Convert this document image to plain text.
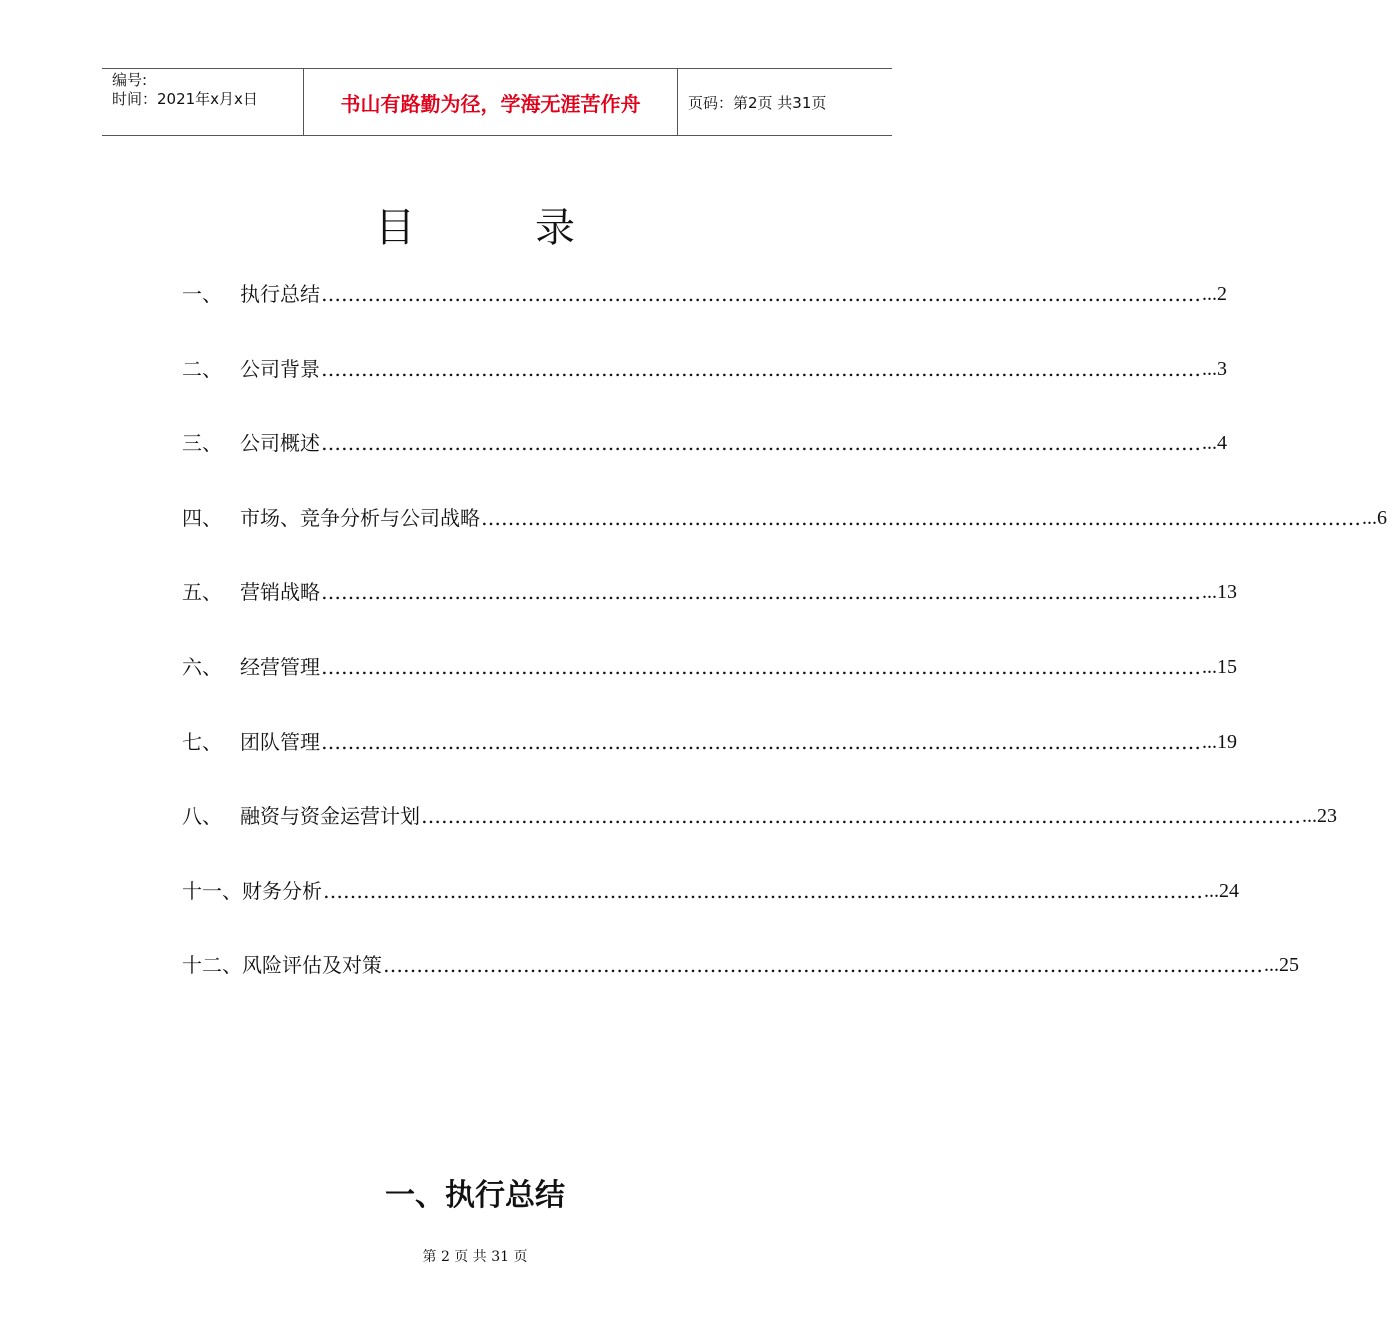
编号:
时间：2021年x月x日	书山有路勤为径，学海无涯苦作舟	页码：第2页 共31页
目录
一、 执行总结 …………………………………………………………………………………………………………………… ...2
二、 公司背景 …………………………………………………………………………………………………………………… ...3
三、 公司概述 …………………………………………………………………………………………………………………… ...4
四、 市场、竞争分析与公司战略 …………………………………………………………………………………………………………………… ...6
五、 营销战略 …………………………………………………………………………………………………………………… ...13
六、 经营管理 …………………………………………………………………………………………………………………… ...15
七、 团队管理 …………………………………………………………………………………………………………………… ...19
八、 融资与资金运营计划 …………………………………………………………………………………………………………………… ...23
十一、 财务分析 …………………………………………………………………………………………………………………… ...24
十二、 风险评估及对策 …………………………………………………………………………………………………………………… ...25
一、执行总结
第 2 页 共 31 页
